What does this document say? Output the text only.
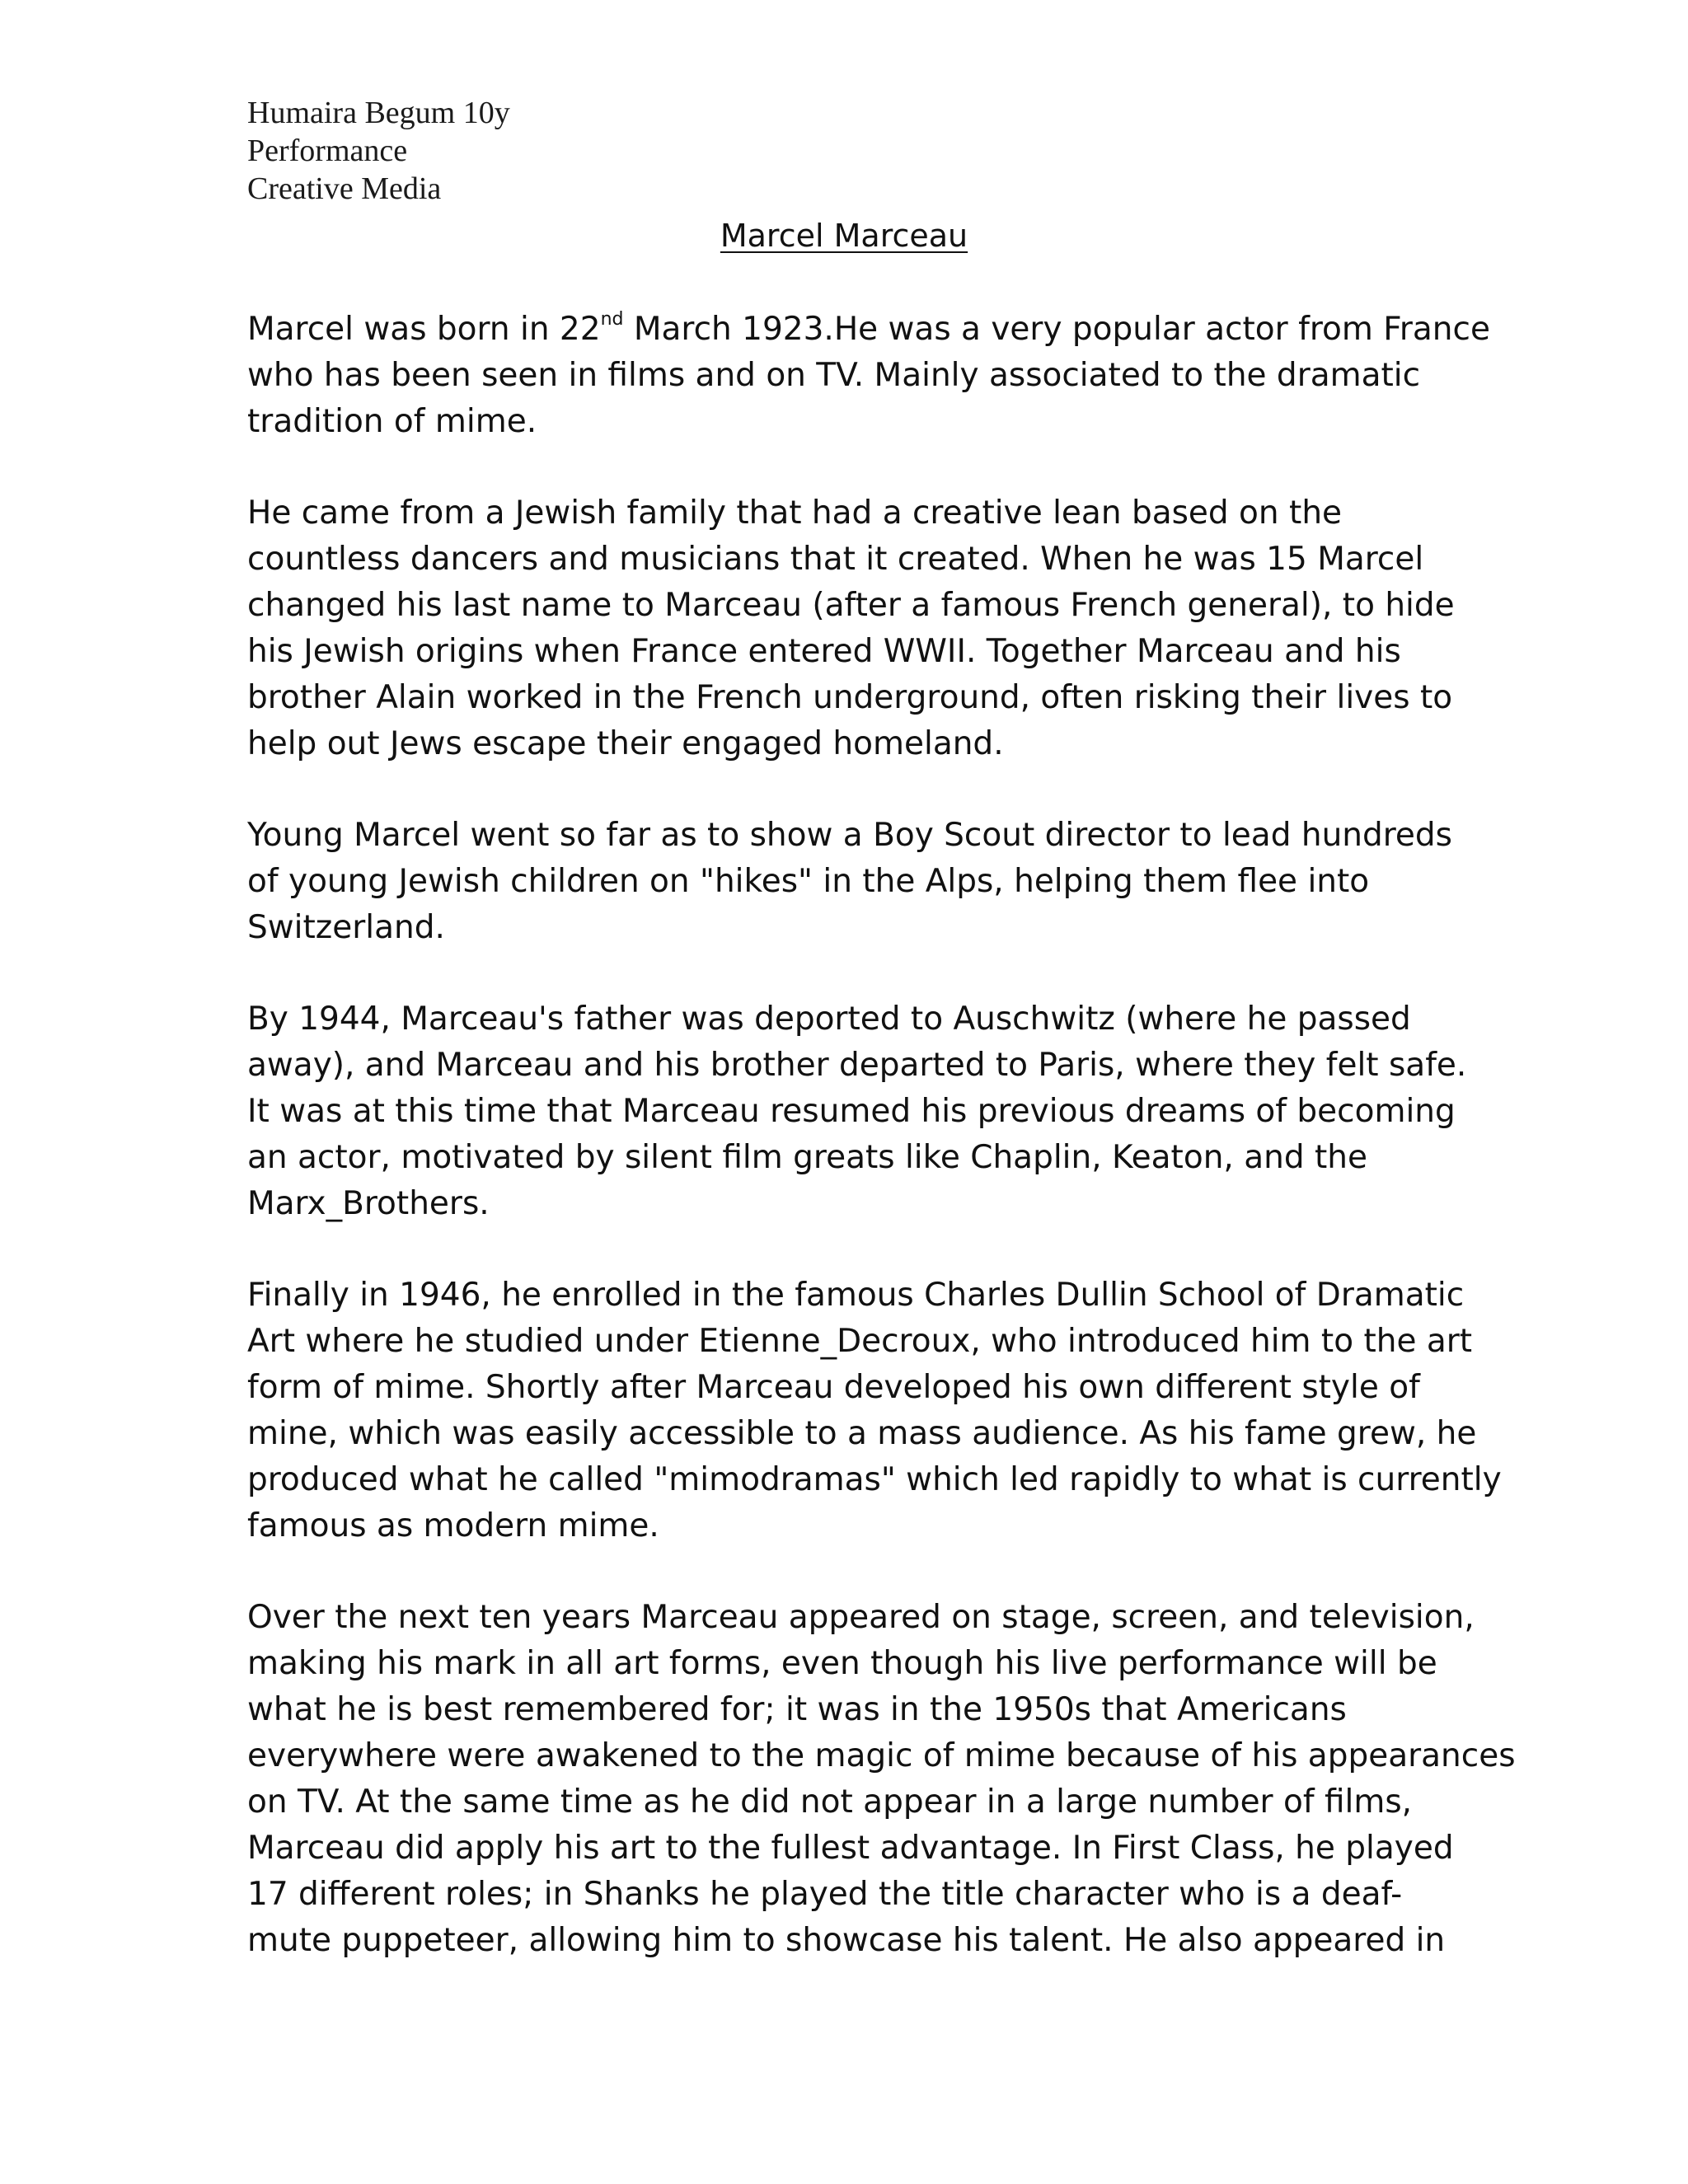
Humaira Begum 10y
Performance
Creative Media
Marcel Marceau
Marcel was born in 22nd March 1923.He was a very popular actor from France
who has been seen in films and on TV. Mainly associated to the dramatic
tradition of mime.
He came from a Jewish family that had a creative lean based on the
countless dancers and musicians that it created. When he was 15 Marcel
changed his last name to Marceau (after a famous French general), to hide
his Jewish origins when France entered WWII. Together Marceau and his
brother Alain worked in the French underground, often risking their lives to
help out Jews escape their engaged homeland.
Young Marcel went so far as to show a Boy Scout director to lead hundreds
of young Jewish children on "hikes" in the Alps, helping them flee into
Switzerland.
By 1944, Marceau's father was deported to Auschwitz (where he passed
away), and Marceau and his brother departed to Paris, where they felt safe.
It was at this time that Marceau resumed his previous dreams of becoming
an actor, motivated by silent film greats like Chaplin, Keaton, and the
Marx_Brothers.
Finally in 1946, he enrolled in the famous Charles Dullin School of Dramatic
Art where he studied under Etienne_Decroux, who introduced him to the art
form of mime. Shortly after Marceau developed his own different style of
mine, which was easily accessible to a mass audience. As his fame grew, he
produced what he called "mimodramas" which led rapidly to what is currently
famous as modern mime.
Over the next ten years Marceau appeared on stage, screen, and television,
making his mark in all art forms, even though his live performance will be
what he is best remembered for; it was in the 1950s that Americans
everywhere were awakened to the magic of mime because of his appearances
on TV. At the same time as he did not appear in a large number of films,
Marceau did apply his art to the fullest advantage. In First Class, he played
17 different roles; in Shanks he played the title character who is a deaf-
mute puppeteer, allowing him to showcase his talent. He also appeared in
